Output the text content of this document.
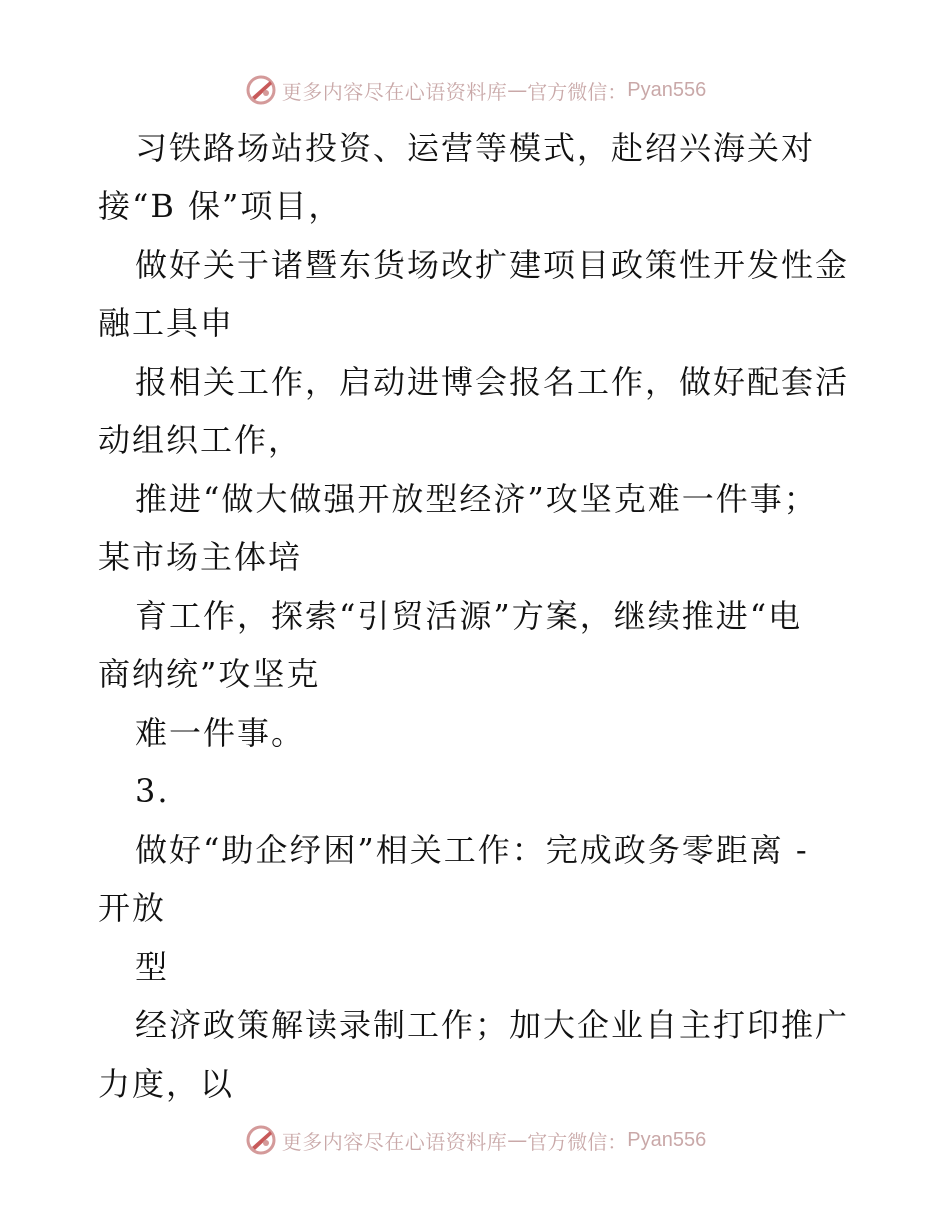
更多内容尽在心语资料库 — 官方微信： Pyan556
习铁路场站投资、运营等模式，赴绍兴海关对
接“B 保”项目，
做好关于诸暨东货场改扩建项目政策性开发性金
融工具申
报相关工作，启动进博会报名工作，做好配套活
动组织工作，
推进“做大做强开放型经济”攻坚克难一件事；
某市场主体培
育工作，探索“引贸活源”方案，继续推进“电
商纳统”攻坚克
难一件事。
3.
做好“助企纾困”相关工作：完成政务零距离 -
开放
型
经济政策解读录制工作；加大企业自主打印推广
力度，以
更多内容尽在心语资料库 — 官方微信： Pyan556
